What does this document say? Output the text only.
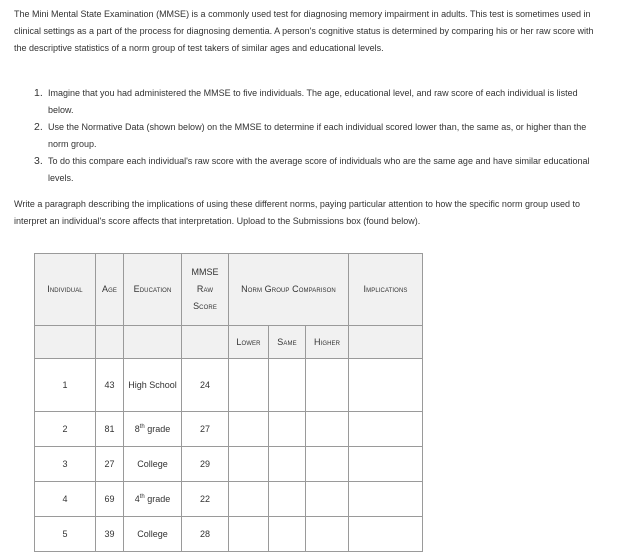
The Mini Mental State Examination (MMSE) is a commonly used test for diagnosing memory impairment in adults. This test is sometimes used in clinical settings as a part of the process for diagnosing dementia. A person's cognitive status is determined by comparing his or her raw score with the descriptive statistics of a norm group of test takers of similar ages and educational levels.

1. Imagine that you had administered the MMSE to five individuals. The age, educational level, and raw score of each individual is listed below.
2. Use the Normative Data (shown below) on the MMSE to determine if each individual scored lower than, the same as, or higher than the norm group.
3. To do this compare each individual's raw score with the average score of individuals who are the same age and have similar educational levels.

Write a paragraph describing the implications of using these different norms, paying particular attention to how the specific norm group used to interpret an individual's score affects that interpretation. Upload to the Submissions box (found below).

Individual	Age	Education	MMSE
Raw
Score	Norm Group Comparison			Implications
				Lower	Same	Higher	
1	43	High School	24				
2	81	8th grade	27				
3	27	College	29				
4	69	4th grade	22				
5	39	College	28				
